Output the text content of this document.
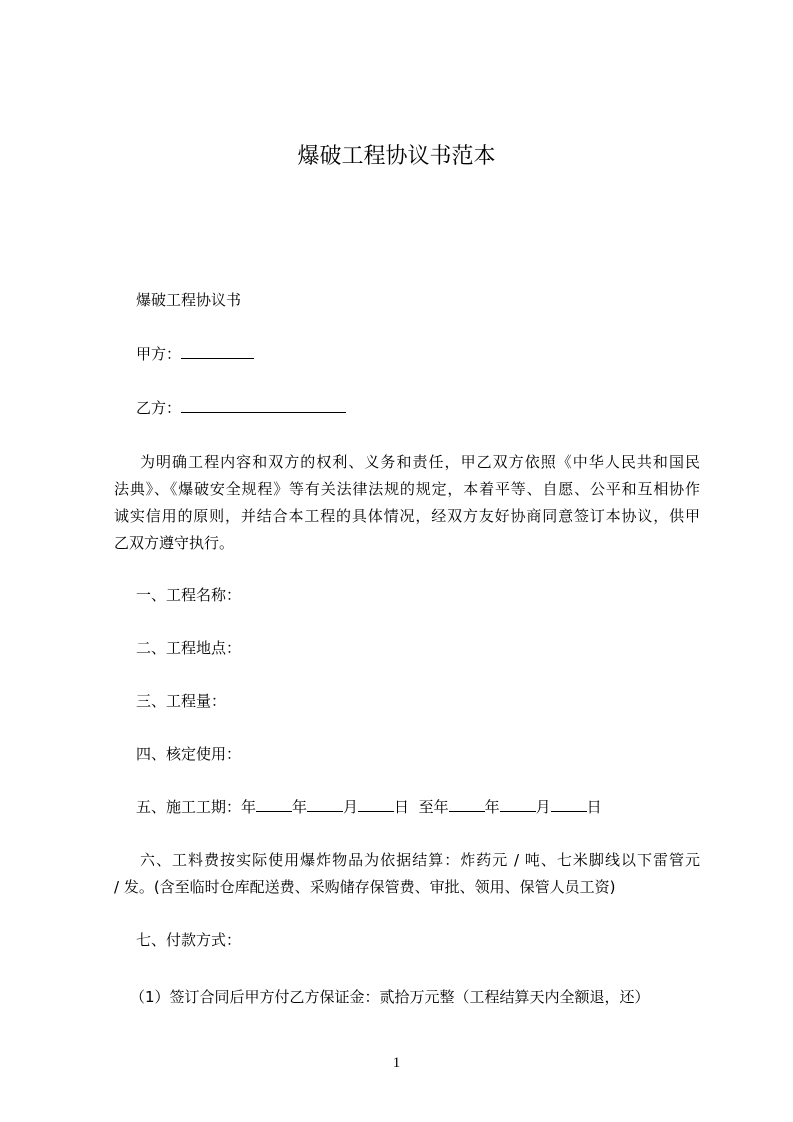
爆破工程协议书范本
爆破工程协议书
甲方：
乙方：
为明确工程内容和双方的权利、义务和责任，甲乙双方依照《中华人民共和国民
法典》、《爆破安全规程》等有关法律法规的规定，本着平等、自愿、公平和互相协作
诚实信用的原则，并结合本工程的具体情况，经双方友好协商同意签订本协议，供甲
乙双方遵守执行。
一、工程名称：
二、工程地点：
三、工程量：
四、核定使用：
五、施工工期：年 年 月 日  至年 年 月 日
六、工料费按实际使用爆炸物品为依据结算：炸药元 / 吨、七米脚线以下雷管元
/ 发。(含至临时仓库配送费、采购储存保管费、审批、领用、保管人员工资)
七、付款方式：
（1）签订合同后甲方付乙方保证金：贰拾万元整（工程结算天内全额退，还）
1
